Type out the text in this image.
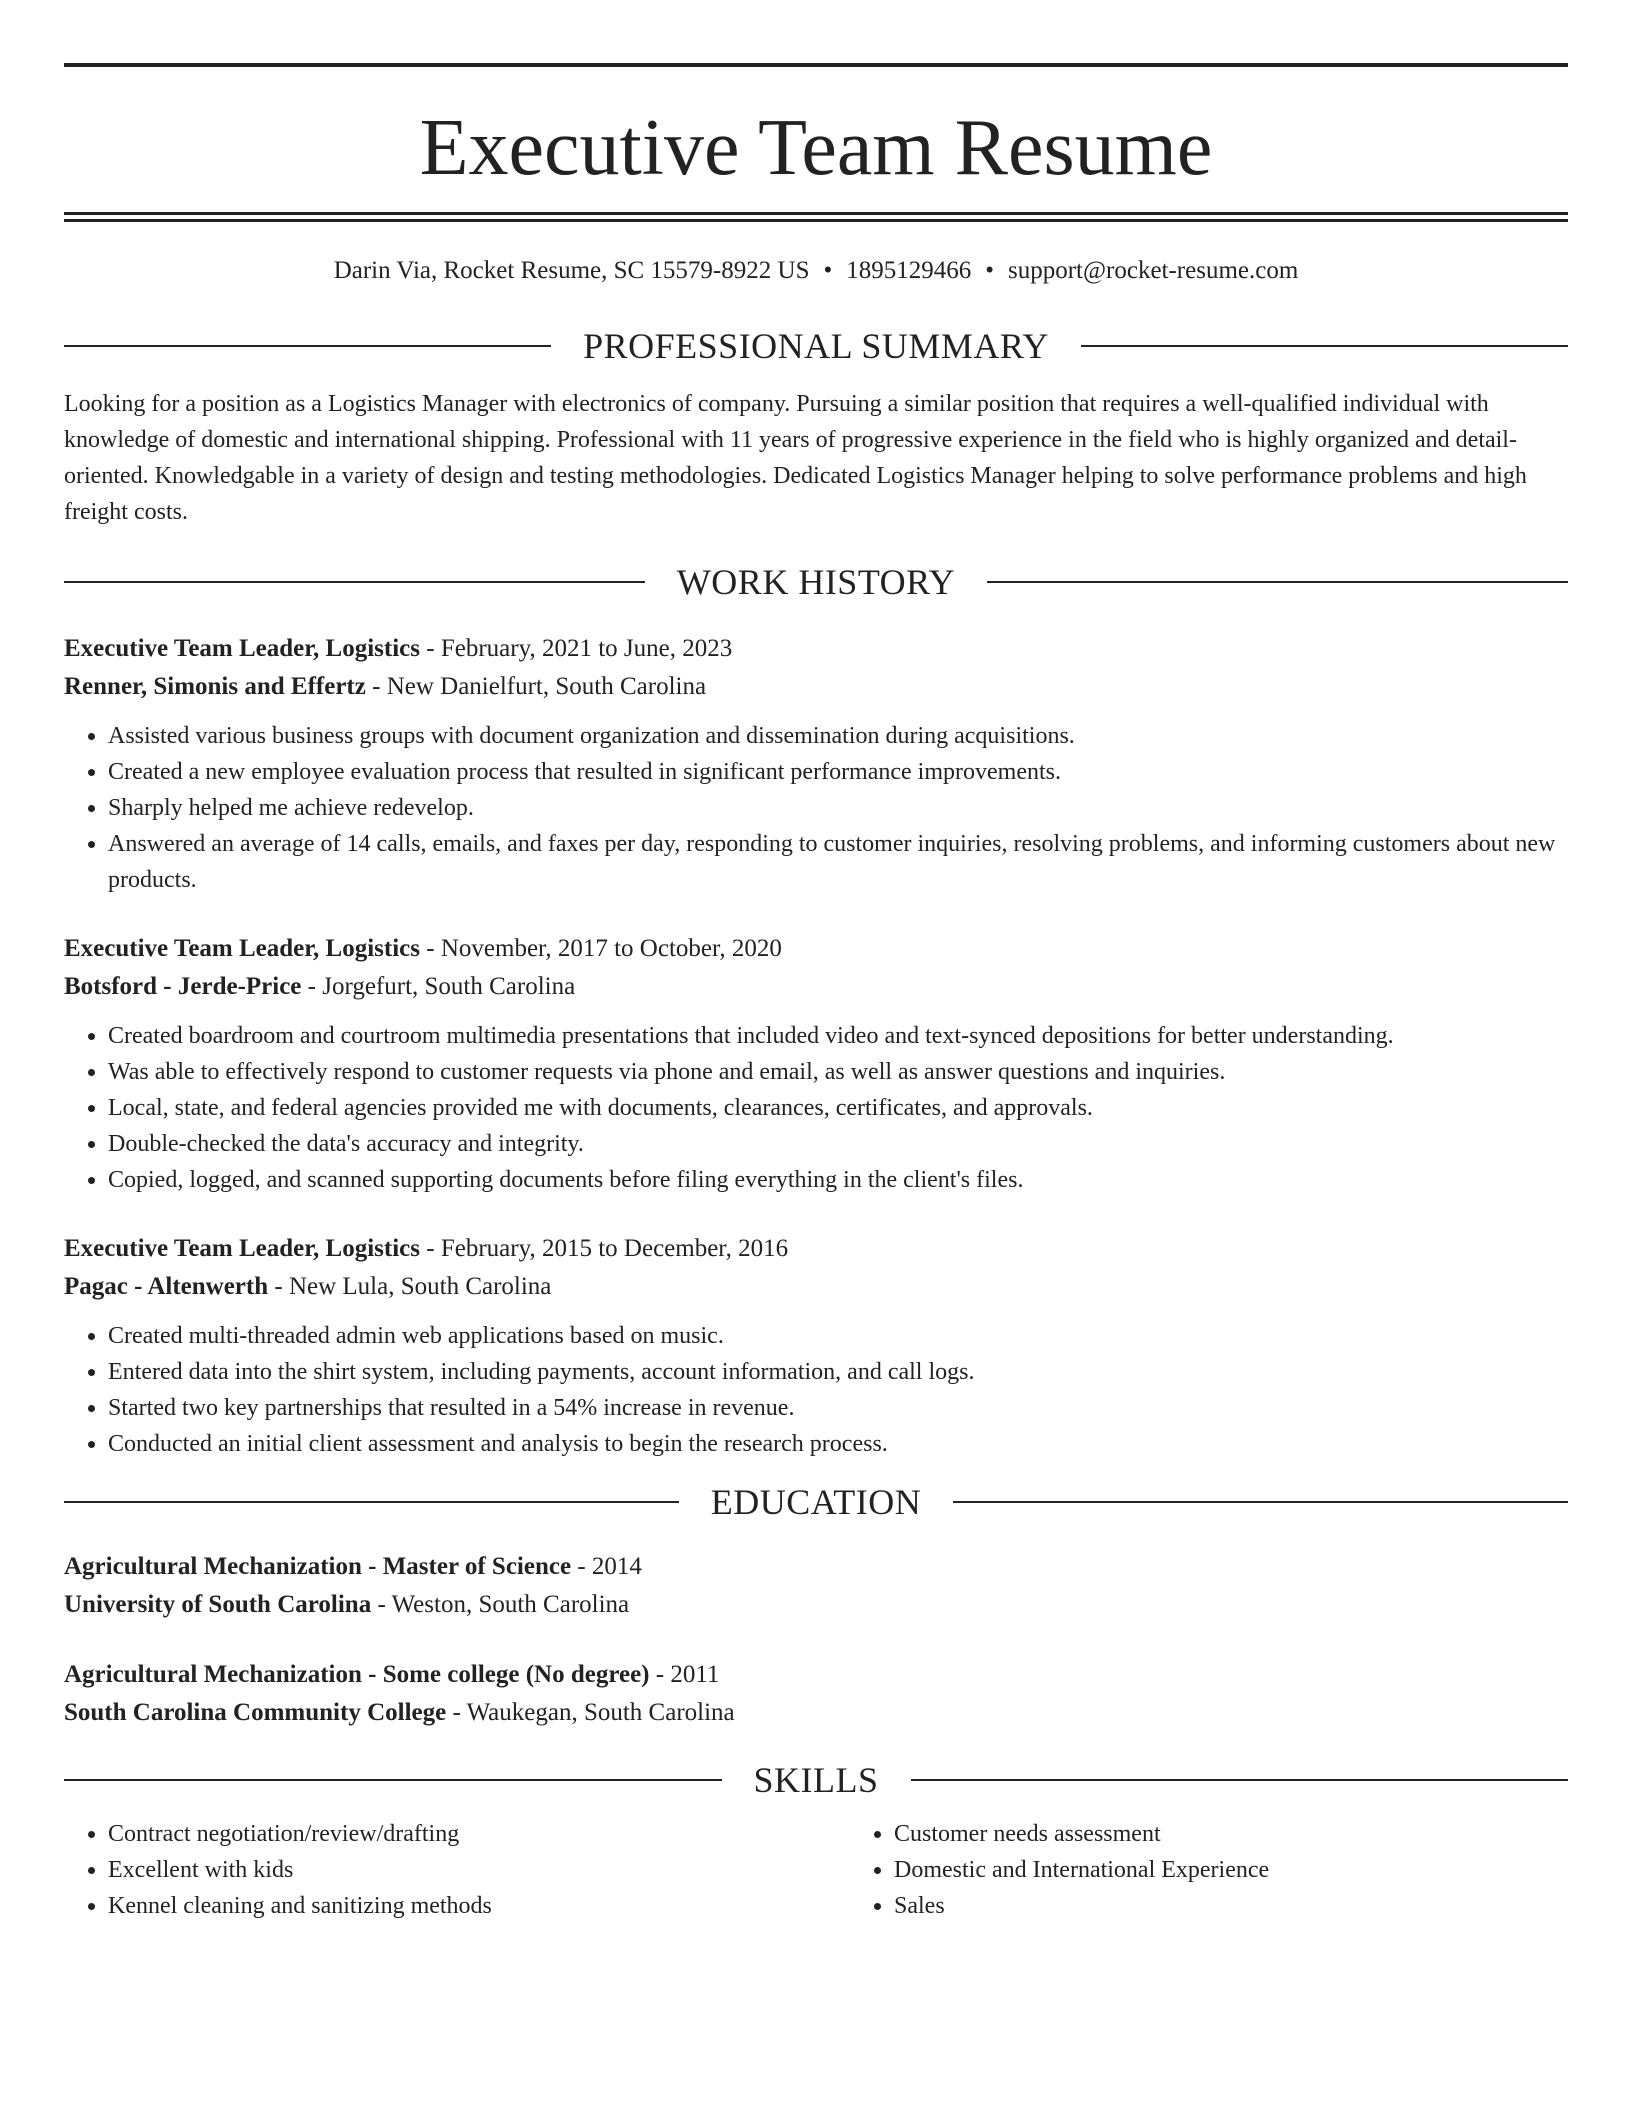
Executive Team Resume
Darin Via, Rocket Resume, SC 15579-8922 US • 1895129466 • support@rocket-resume.com
PROFESSIONAL SUMMARY
Looking for a position as a Logistics Manager with electronics of company. Pursuing a similar position that requires a well-qualified individual with knowledge of domestic and international shipping. Professional with 11 years of progressive experience in the field who is highly organized and detail-oriented. Knowledgable in a variety of design and testing methodologies. Dedicated Logistics Manager helping to solve performance problems and high freight costs.
WORK HISTORY
Executive Team Leader, Logistics - February, 2021 to June, 2023
Renner, Simonis and Effertz - New Danielfurt, South Carolina
• Assisted various business groups with document organization and dissemination during acquisitions.
• Created a new employee evaluation process that resulted in significant performance improvements.
• Sharply helped me achieve redevelop.
• Answered an average of 14 calls, emails, and faxes per day, responding to customer inquiries, resolving problems, and informing customers about new products.
Executive Team Leader, Logistics - November, 2017 to October, 2020
Botsford - Jerde-Price - Jorgefurt, South Carolina
• Created boardroom and courtroom multimedia presentations that included video and text-synced depositions for better understanding.
• Was able to effectively respond to customer requests via phone and email, as well as answer questions and inquiries.
• Local, state, and federal agencies provided me with documents, clearances, certificates, and approvals.
• Double-checked the data's accuracy and integrity.
• Copied, logged, and scanned supporting documents before filing everything in the client's files.
Executive Team Leader, Logistics - February, 2015 to December, 2016
Pagac - Altenwerth - New Lula, South Carolina
• Created multi-threaded admin web applications based on music.
• Entered data into the shirt system, including payments, account information, and call logs.
• Started two key partnerships that resulted in a 54% increase in revenue.
• Conducted an initial client assessment and analysis to begin the research process.
EDUCATION
Agricultural Mechanization - Master of Science - 2014
University of South Carolina - Weston, South Carolina
Agricultural Mechanization - Some college (No degree) - 2011
South Carolina Community College - Waukegan, South Carolina
SKILLS
• Contract negotiation/review/drafting
• Excellent with kids
• Kennel cleaning and sanitizing methods
• Customer needs assessment
• Domestic and International Experience
• Sales
